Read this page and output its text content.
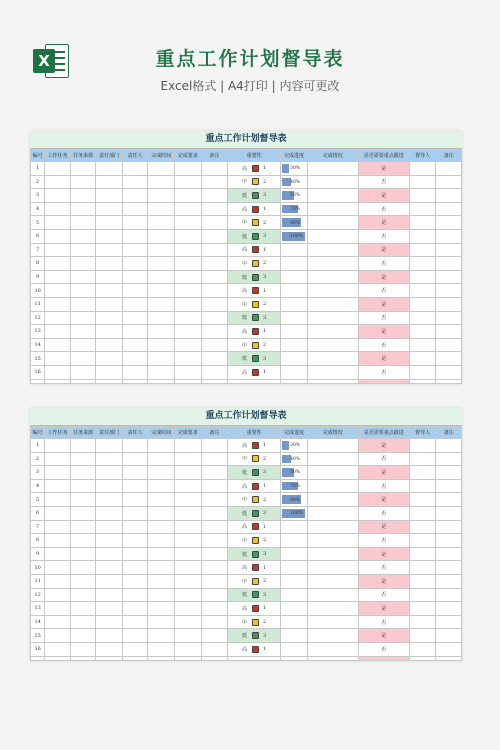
X	重点工作计划督导表
Excel格式 | A4打印 | 内容可更改
重点工作计划督导表
编号	工作任务	任务来源	责任部门	责任人	完成时间	完成要求	备注	重要性	完成进度	完成情况	是否需要重点跟进	督导人	备注
1								高 1	30%		是		
2								中 2	40%		否		
3								低 3	50%		是		
4								高 1	70%		否		
5								中 2	80%		是		
6								低 3	100%		否		
7								高 1			是		
8								中 2			否		
9								低 3			是		
10								高 1			否		
11								中 2			是		
12								低 3			否		
13								高 1			是		
14								中 2			否		
15								低 3			是		
16								高 1			否		

重点工作计划督导表
编号	工作任务	任务来源	责任部门	责任人	完成时间	完成要求	备注	重要性	完成进度	完成情况	是否需要重点跟进	督导人	备注
1								高 1	30%		是		
2								中 2	40%		否		
3								低 3	50%		是		
4								高 1	70%		否		
5								中 2	80%		是		
6								低 3	100%		否		
7								高 1			是		
8								中 2			否		
9								低 3			是		
10								高 1			否		
11								中 2			是		
12								低 3			否		
13								高 1			是		
14								中 2			否		
15								低 3			是		
16								高 1			否		
